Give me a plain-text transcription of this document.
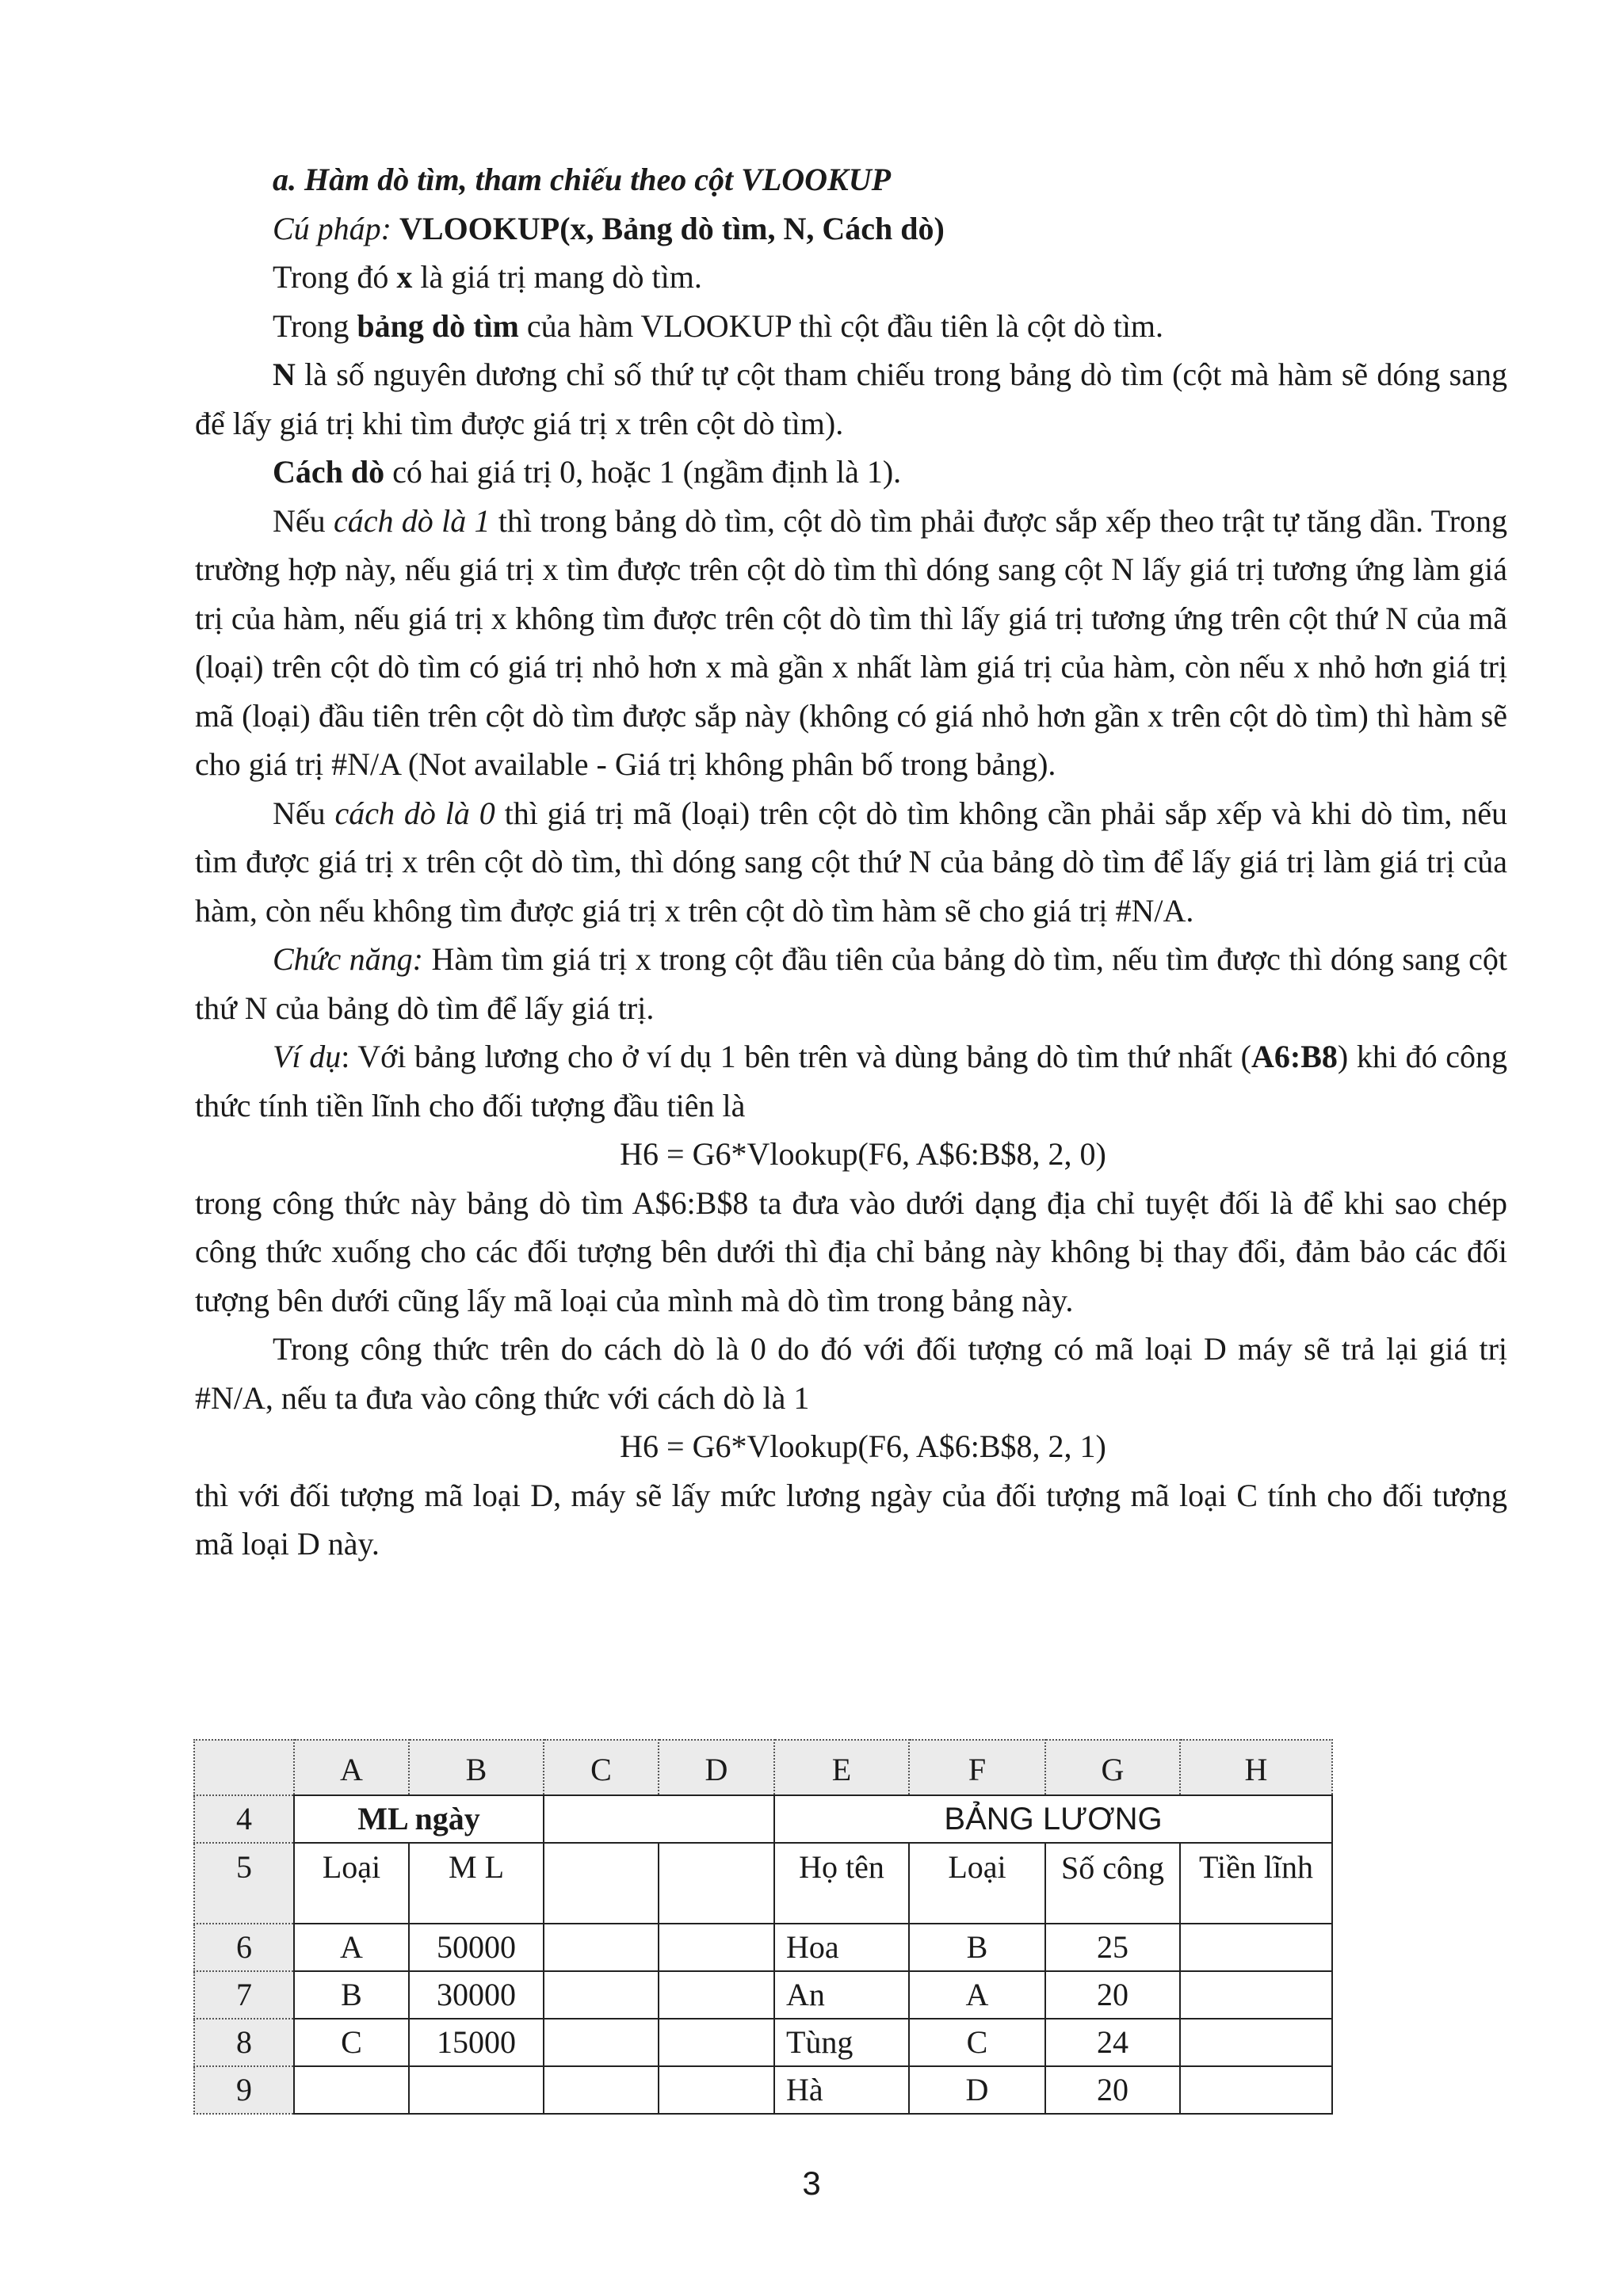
a. Hàm dò tìm, tham chiếu theo cột VLOOKUP

Cú pháp: VLOOKUP(x, Bảng dò tìm, N, Cách dò)

Trong đó x là giá trị mang dò tìm.

Trong bảng dò tìm của hàm VLOOKUP thì cột đầu tiên là cột dò tìm.

N là số nguyên dương chỉ số thứ tự cột tham chiếu trong bảng dò tìm (cột mà hàm sẽ dóng sang để lấy giá trị khi tìm được giá trị x trên cột dò tìm).

Cách dò có hai giá trị 0, hoặc 1 (ngầm định là 1).

Nếu cách dò là 1 thì trong bảng dò tìm, cột dò tìm phải được sắp xếp theo trật tự tăng dần. Trong trường hợp này, nếu giá trị x tìm được trên cột dò tìm thì dóng sang cột N lấy giá trị tương ứng làm giá trị của hàm, nếu giá trị x không tìm được trên cột dò tìm thì lấy giá trị tương ứng trên cột thứ N của mã (loại) trên cột dò tìm có giá trị nhỏ hơn x mà gần x nhất làm giá trị của hàm, còn nếu x nhỏ hơn giá trị mã (loại) đầu tiên trên cột dò tìm được sắp này (không có giá nhỏ hơn gần x trên cột dò tìm) thì hàm sẽ cho giá trị #N/A (Not available - Giá trị không phân bố trong bảng).

Nếu cách dò là 0 thì giá trị mã (loại) trên cột dò tìm không cần phải sắp xếp và khi dò tìm, nếu tìm được giá trị x trên cột dò tìm, thì dóng sang cột thứ N của bảng dò tìm để lấy giá trị làm giá trị của hàm, còn nếu không tìm được giá trị x trên cột dò tìm hàm sẽ cho giá trị #N/A.

Chức năng: Hàm tìm giá trị x trong cột đầu tiên của bảng dò tìm, nếu tìm được thì dóng sang cột thứ N của bảng dò tìm để lấy giá trị.

Ví dụ: Với bảng lương cho ở ví dụ 1 bên trên và dùng bảng dò tìm thứ nhất (A6:B8) khi đó công thức tính tiền lĩnh cho đối tượng đầu tiên là

H6 = G6*Vlookup(F6, A$6:B$8, 2, 0)

trong công thức này bảng dò tìm A$6:B$8 ta đưa vào dưới dạng địa chỉ tuyệt đối là để khi sao chép công thức xuống cho các đối tượng bên dưới thì địa chỉ bảng này không bị thay đổi, đảm bảo các đối tượng bên dưới cũng lấy mã loại của mình mà dò tìm trong bảng này.

Trong công thức trên do cách dò là 0 do đó với đối tượng có mã loại D máy sẽ trả lại giá trị #N/A, nếu ta đưa vào công thức với cách dò là 1

H6 = G6*Vlookup(F6, A$6:B$8, 2, 1)

thì với đối tượng mã loại D, máy sẽ lấy mức lương ngày của đối tượng mã loại C tính cho đối tượng mã loại D này.

	A	B	C	D	E	F	G	H
4	ML ngày				BẢNG LƯƠNG			
5	Loại	M L			Họ tên	Loại	Số công	Tiền lĩnh
6	A	50000			Hoa	B	25	
7	B	30000			An	A	20	
8	C	15000			Tùng	C	24	
9					Hà	D	20	
3
